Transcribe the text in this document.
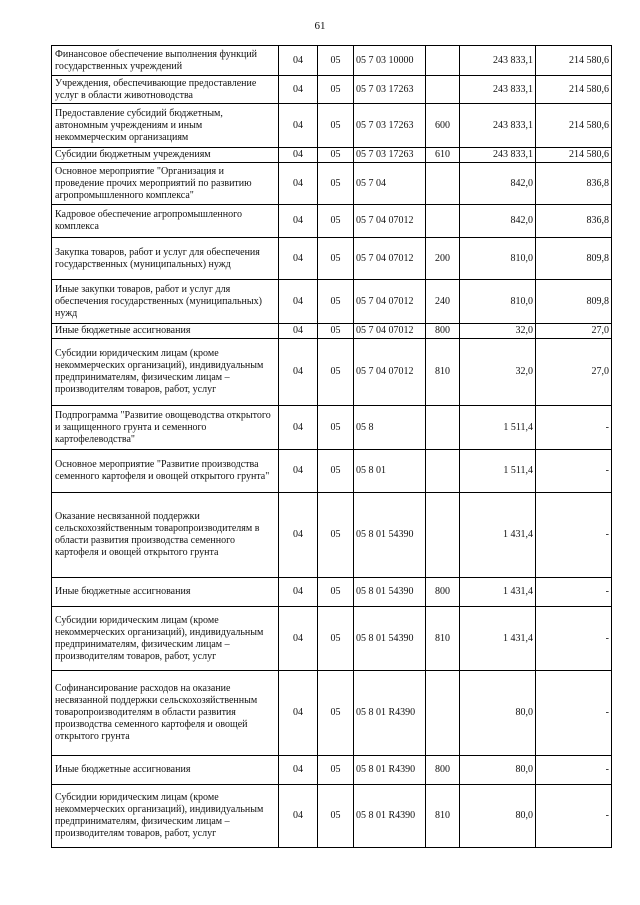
61
Финансовое обеспечение выполнения функций государственных учреждений	04	05	05 7 03 10000		243 833,1	214 580,6
Учреждения, обеспечивающие предоставление услуг в области животноводства	04	05	05 7 03 17263		243 833,1	214 580,6
Предоставление субсидий бюджетным, автономным учреждениям и иным некоммерческим организациям	04	05	05 7 03 17263	600	243 833,1	214 580,6
Субсидии бюджетным учреждениям	04	05	05 7 03 17263	610	243 833,1	214 580,6
Основное мероприятие "Организация и проведение прочих мероприятий по развитию агропромышленного комплекса"	04	05	05 7 04		842,0	836,8
Кадровое обеспечение агропромышленного комплекса	04	05	05 7 04 07012		842,0	836,8
Закупка товаров, работ и услуг для обеспечения государственных (муниципальных) нужд	04	05	05 7 04 07012	200	810,0	809,8
Иные закупки товаров, работ и услуг для обеспечения государственных (муниципальных) нужд	04	05	05 7 04 07012	240	810,0	809,8
Иные бюджетные ассигнования	04	05	05 7 04 07012	800	32,0	27,0
Субсидии юридическим лицам (кроме некоммерческих организаций), индивидуальным предпринимателям, физическим лицам – производителям товаров, работ, услуг	04	05	05 7 04 07012	810	32,0	27,0
Подпрограмма "Развитие овощеводства открытого и защищенного грунта и семенного картофелеводства"	04	05	05 8		1 511,4	-
Основное мероприятие "Развитие производства семенного картофеля и овощей открытого грунта"	04	05	05 8 01		1 511,4	-
Оказание несвязанной поддержки сельскохозяйственным товаропроизводителям в области развития производства семенного картофеля и овощей открытого грунта	04	05	05 8 01 54390		1 431,4	-
Иные бюджетные ассигнования	04	05	05 8 01 54390	800	1 431,4	-
Субсидии юридическим лицам (кроме некоммерческих организаций), индивидуальным предпринимателям, физическим лицам – производителям товаров, работ, услуг	04	05	05 8 01 54390	810	1 431,4	-
Софинансирование расходов на оказание несвязанной поддержки сельскохозяйственным товаропроизводителям в области развития производства семенного картофеля и овощей открытого грунта	04	05	05 8 01 R4390		80,0	-
Иные бюджетные ассигнования	04	05	05 8 01 R4390	800	80,0	-
Субсидии юридическим лицам (кроме некоммерческих организаций), индивидуальным предпринимателям, физическим лицам – производителям товаров, работ, услуг	04	05	05 8 01 R4390	810	80,0	-
